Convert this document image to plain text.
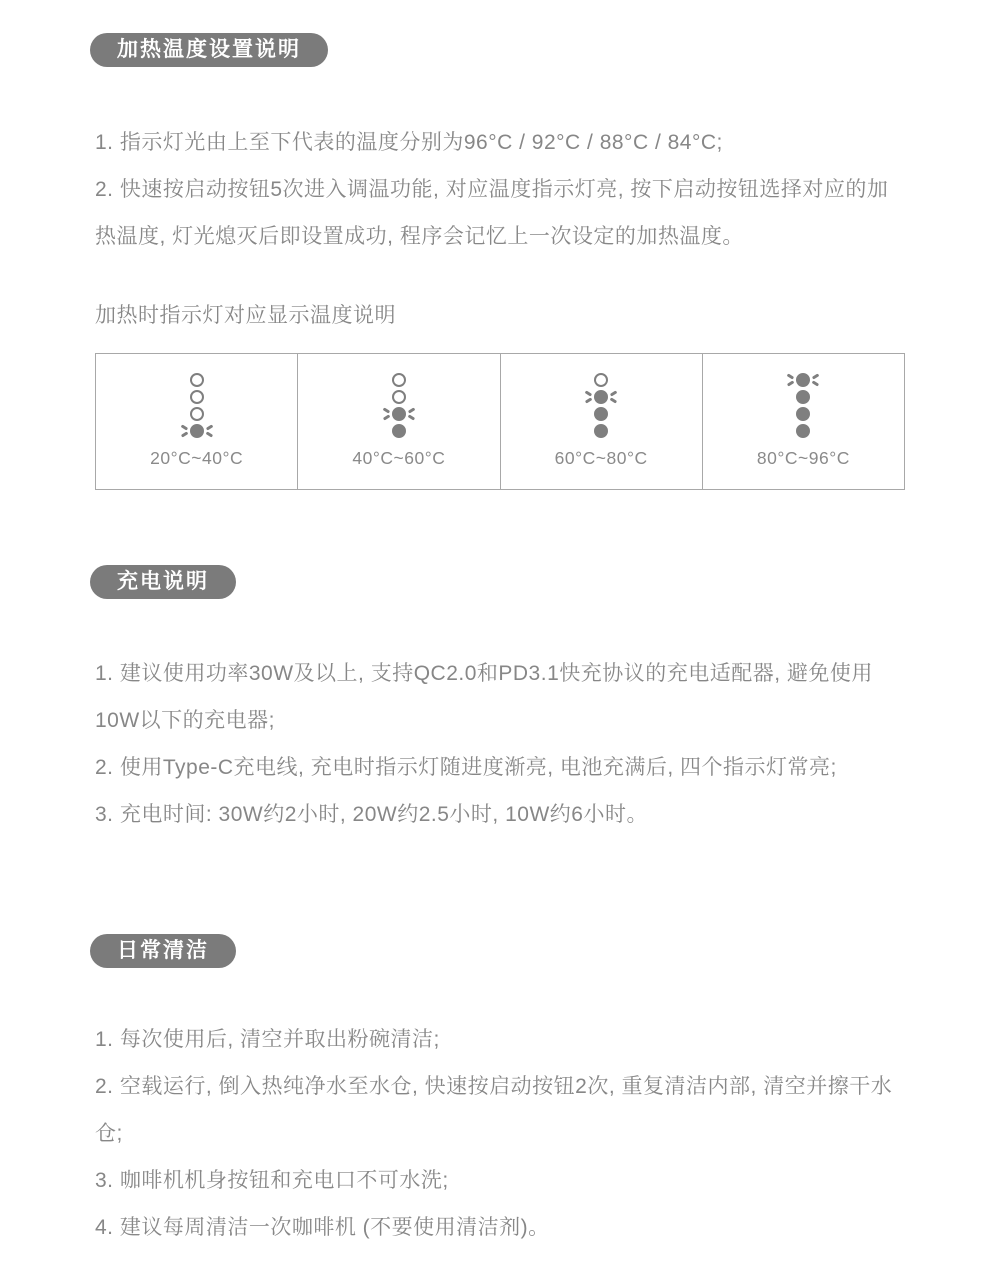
加热温度设置说明

1. 指示灯光由上至下代表的温度分别为96°C / 92°C / 88°C / 84°C;

2. 快速按启动按钮5次进入调温功能, 对应温度指示灯亮, 按下启动按钮选择对应的加热温度, 灯光熄灭后即设置成功, 程序会记忆上一次设定的加热温度。

加热时指示灯对应显示温度说明
20°C~40°C	40°C~60°C	60°C~80°C	80°C~96°C
充电说明

1. 建议使用功率30W及以上, 支持QC2.0和PD3.1快充协议的充电适配器, 避免使用10W以下的充电器;

2. 使用Type-C充电线, 充电时指示灯随进度渐亮, 电池充满后, 四个指示灯常亮;

3. 充电时间: 30W约2小时, 20W约2.5小时, 10W约6小时。

日常清洁

1. 每次使用后, 清空并取出粉碗清洁;

2. 空载运行, 倒入热纯净水至水仓, 快速按启动按钮2次, 重复清洁内部, 清空并擦干水仓;

3. 咖啡机机身按钮和充电口不可水洗;

4. 建议每周清洁一次咖啡机 (不要使用清洁剂)。
